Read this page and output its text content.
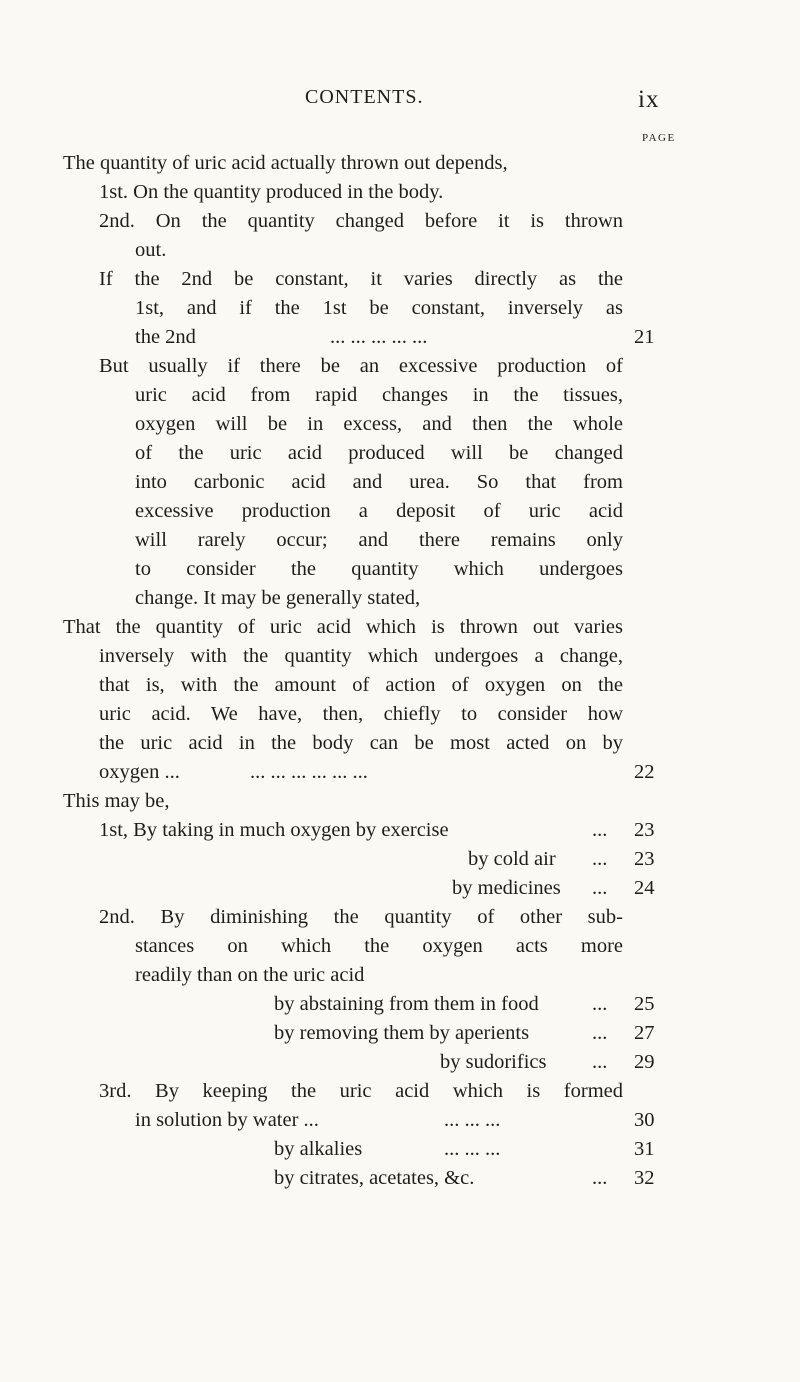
CONTENTS.	ix
PAGE
The quantity of uric acid actually thrown out depends,
1st. On the quantity produced in the body.
2nd. On the quantity changed before it is thrown
out.
If the 2nd be constant, it varies directly as the
1st, and if the 1st be constant, inversely as
the 2nd	... ... ... ... ...	21
But usually if there be an excessive production of
uric acid from rapid changes in the tissues,
oxygen will be in excess, and then the whole
of the uric acid produced will be changed
into carbonic acid and urea. So that from
excessive production a deposit of uric acid
will rarely occur; and there remains only
to consider the quantity which undergoes
change. It may be generally stated,
That the quantity of uric acid which is thrown out varies
inversely with the quantity which undergoes a change,
that is, with the amount of action of oxygen on the
uric acid. We have, then, chiefly to consider how
the uric acid in the body can be most acted on by
oxygen ...	... ... ... ... ... ...	22
This may be,
1st, By taking in much oxygen by exercise	... 23
by cold air ... 23
by medicines ... 24
2nd. By diminishing the quantity of other sub-
stances on which the oxygen acts more
readily than on the uric acid
by abstaining from them in food	... 25
by removing them by aperients	... 27
by sudorifics ... 29
3rd. By keeping the uric acid which is formed
in solution by water ...	... ... ...	30
by alkalies	... ... ...	31
by citrates, acetates, &c.	... 32
